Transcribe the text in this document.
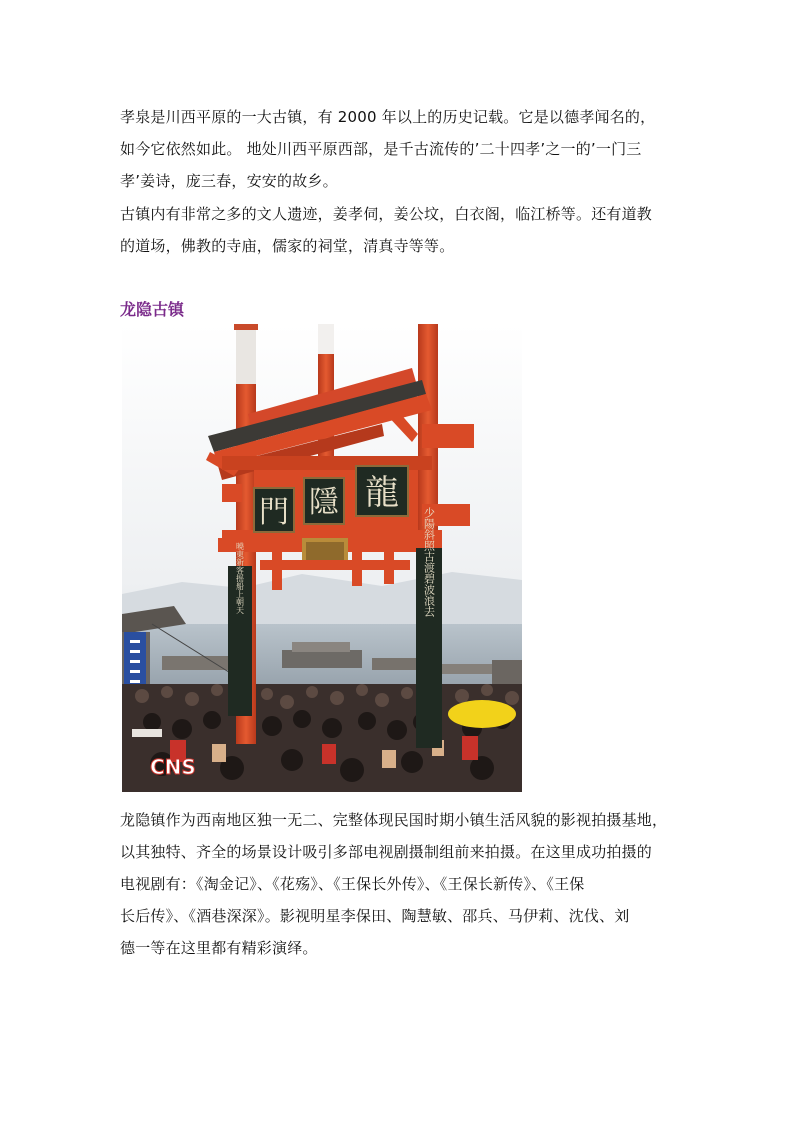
孝泉是川西平原的一大古镇，有 2000 年以上的历史记载。它是以德孝闻名的，
如今它依然如此。 地处川西平原西部，是千古流传的’二十四孝’之一的’一门三
孝’姜诗，庞三春，安安的故乡。

古镇内有非常之多的文人遗迹，姜孝伺，姜公坟，白衣阁，临江桥等。还有道教
的道场，佛教的寺庙，儒家的祠堂，清真寺等等。

龙隐古镇
門 隱 龍
曉東新客摇船上朝天	少陽斜照古渡碧波浪去
CNS

龙隐镇作为西南地区独一无二、完整体现民国时期小镇生活风貌的影视拍摄基地，
以其独特、齐全的场景设计吸引多部电视剧摄制组前来拍摄。在这里成功拍摄的
电视剧有：《淘金记》、《花殇》、《王保长外传》、《王保长新传》、《王保
长后传》、《酒巷深深》。影视明星李保田、陶慧敏、邵兵、马伊莉、沈伐、刘
德一等在这里都有精彩演绎。
